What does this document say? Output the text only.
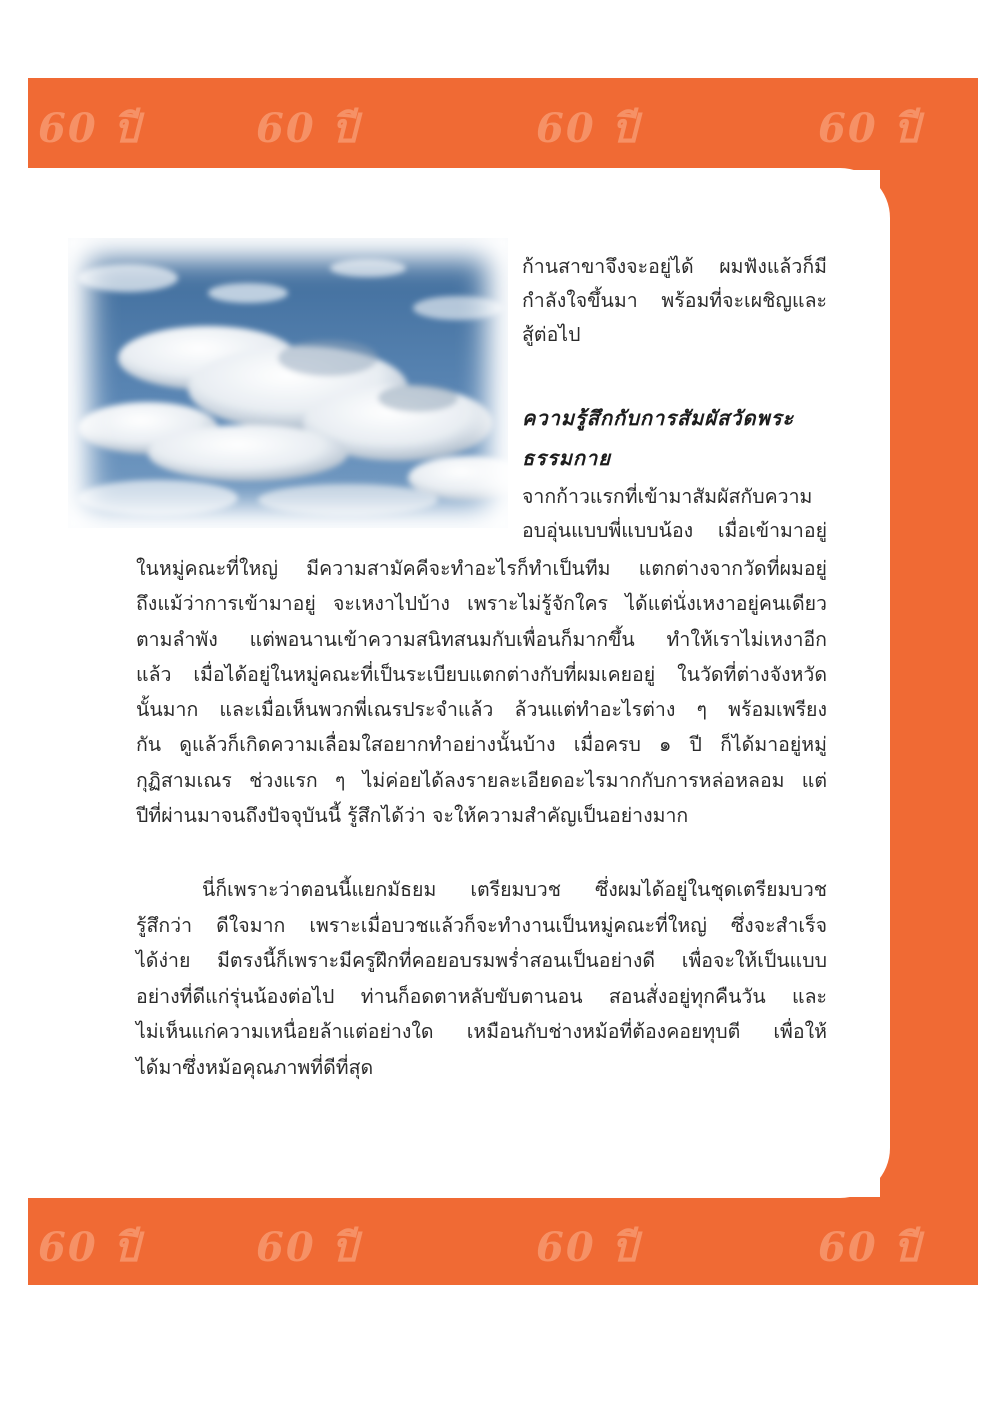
60 ปี	60 ปี	60 ปี	60 ปี
60 ปี	60 ปี	60 ปี	60 ปี
ก้านสาขาจึงจะอยู่ได้ ผมฟังแล้วก็มี
กำลังใจขึ้นมา พร้อมที่จะเผชิญและ
สู้ต่อไป
ความรู้สึกกับการสัมผัสวัดพระ
ธรรมกาย
จากก้าวแรกที่เข้ามาสัมผัสกับความ
อบอุ่นแบบพี่แบบน้อง เมื่อเข้ามาอยู่
ในหมู่คณะที่ใหญ่ มีความสามัคคีจะทำอะไรก็ทำเป็นทีม แตกต่างจากวัดที่ผมอยู่
ถึงแม้ว่าการเข้ามาอยู่ จะเหงาไปบ้าง เพราะไม่รู้จักใคร ได้แต่นั่งเหงาอยู่คนเดียว
ตามลำพัง แต่พอนานเข้าความสนิทสนมกับเพื่อนก็มากขึ้น ทำให้เราไม่เหงาอีก
แล้ว เมื่อได้อยู่ในหมู่คณะที่เป็นระเบียบแตกต่างกับที่ผมเคยอยู่ ในวัดที่ต่างจังหวัด
นั้นมาก และเมื่อเห็นพวกพี่เณรประจำแล้ว ล้วนแต่ทำอะไรต่าง ๆ พร้อมเพรียง
กัน ดูแล้วก็เกิดความเลื่อมใสอยากทำอย่างนั้นบ้าง เมื่อครบ ๑ ปี ก็ได้มาอยู่หมู่
กุฏิสามเณร ช่วงแรก ๆ ไม่ค่อยได้ลงรายละเอียดอะไรมากกับการหล่อหลอม แต่
ปีที่ผ่านมาจนถึงปัจจุบันนี้ รู้สึกได้ว่า จะให้ความสำคัญเป็นอย่างมาก
นี่ก็เพราะว่าตอนนี้แยกมัธยม เตรียมบวช ซึ่งผมได้อยู่ในชุดเตรียมบวช
รู้สึกว่า ดีใจมาก เพราะเมื่อบวชแล้วก็จะทำงานเป็นหมู่คณะที่ใหญ่ ซึ่งจะสำเร็จ
ได้ง่าย มีตรงนี้ก็เพราะมีครูฝึกที่คอยอบรมพร่ำสอนเป็นอย่างดี เพื่อจะให้เป็นแบบ
อย่างที่ดีแก่รุ่นน้องต่อไป ท่านก็อดตาหลับขับตานอน สอนสั่งอยู่ทุกคืนวัน และ
ไม่เห็นแก่ความเหนื่อยล้าแต่อย่างใด เหมือนกับช่างหม้อที่ต้องคอยทุบตี เพื่อให้
ได้มาซึ่งหม้อคุณภาพที่ดีที่สุด
